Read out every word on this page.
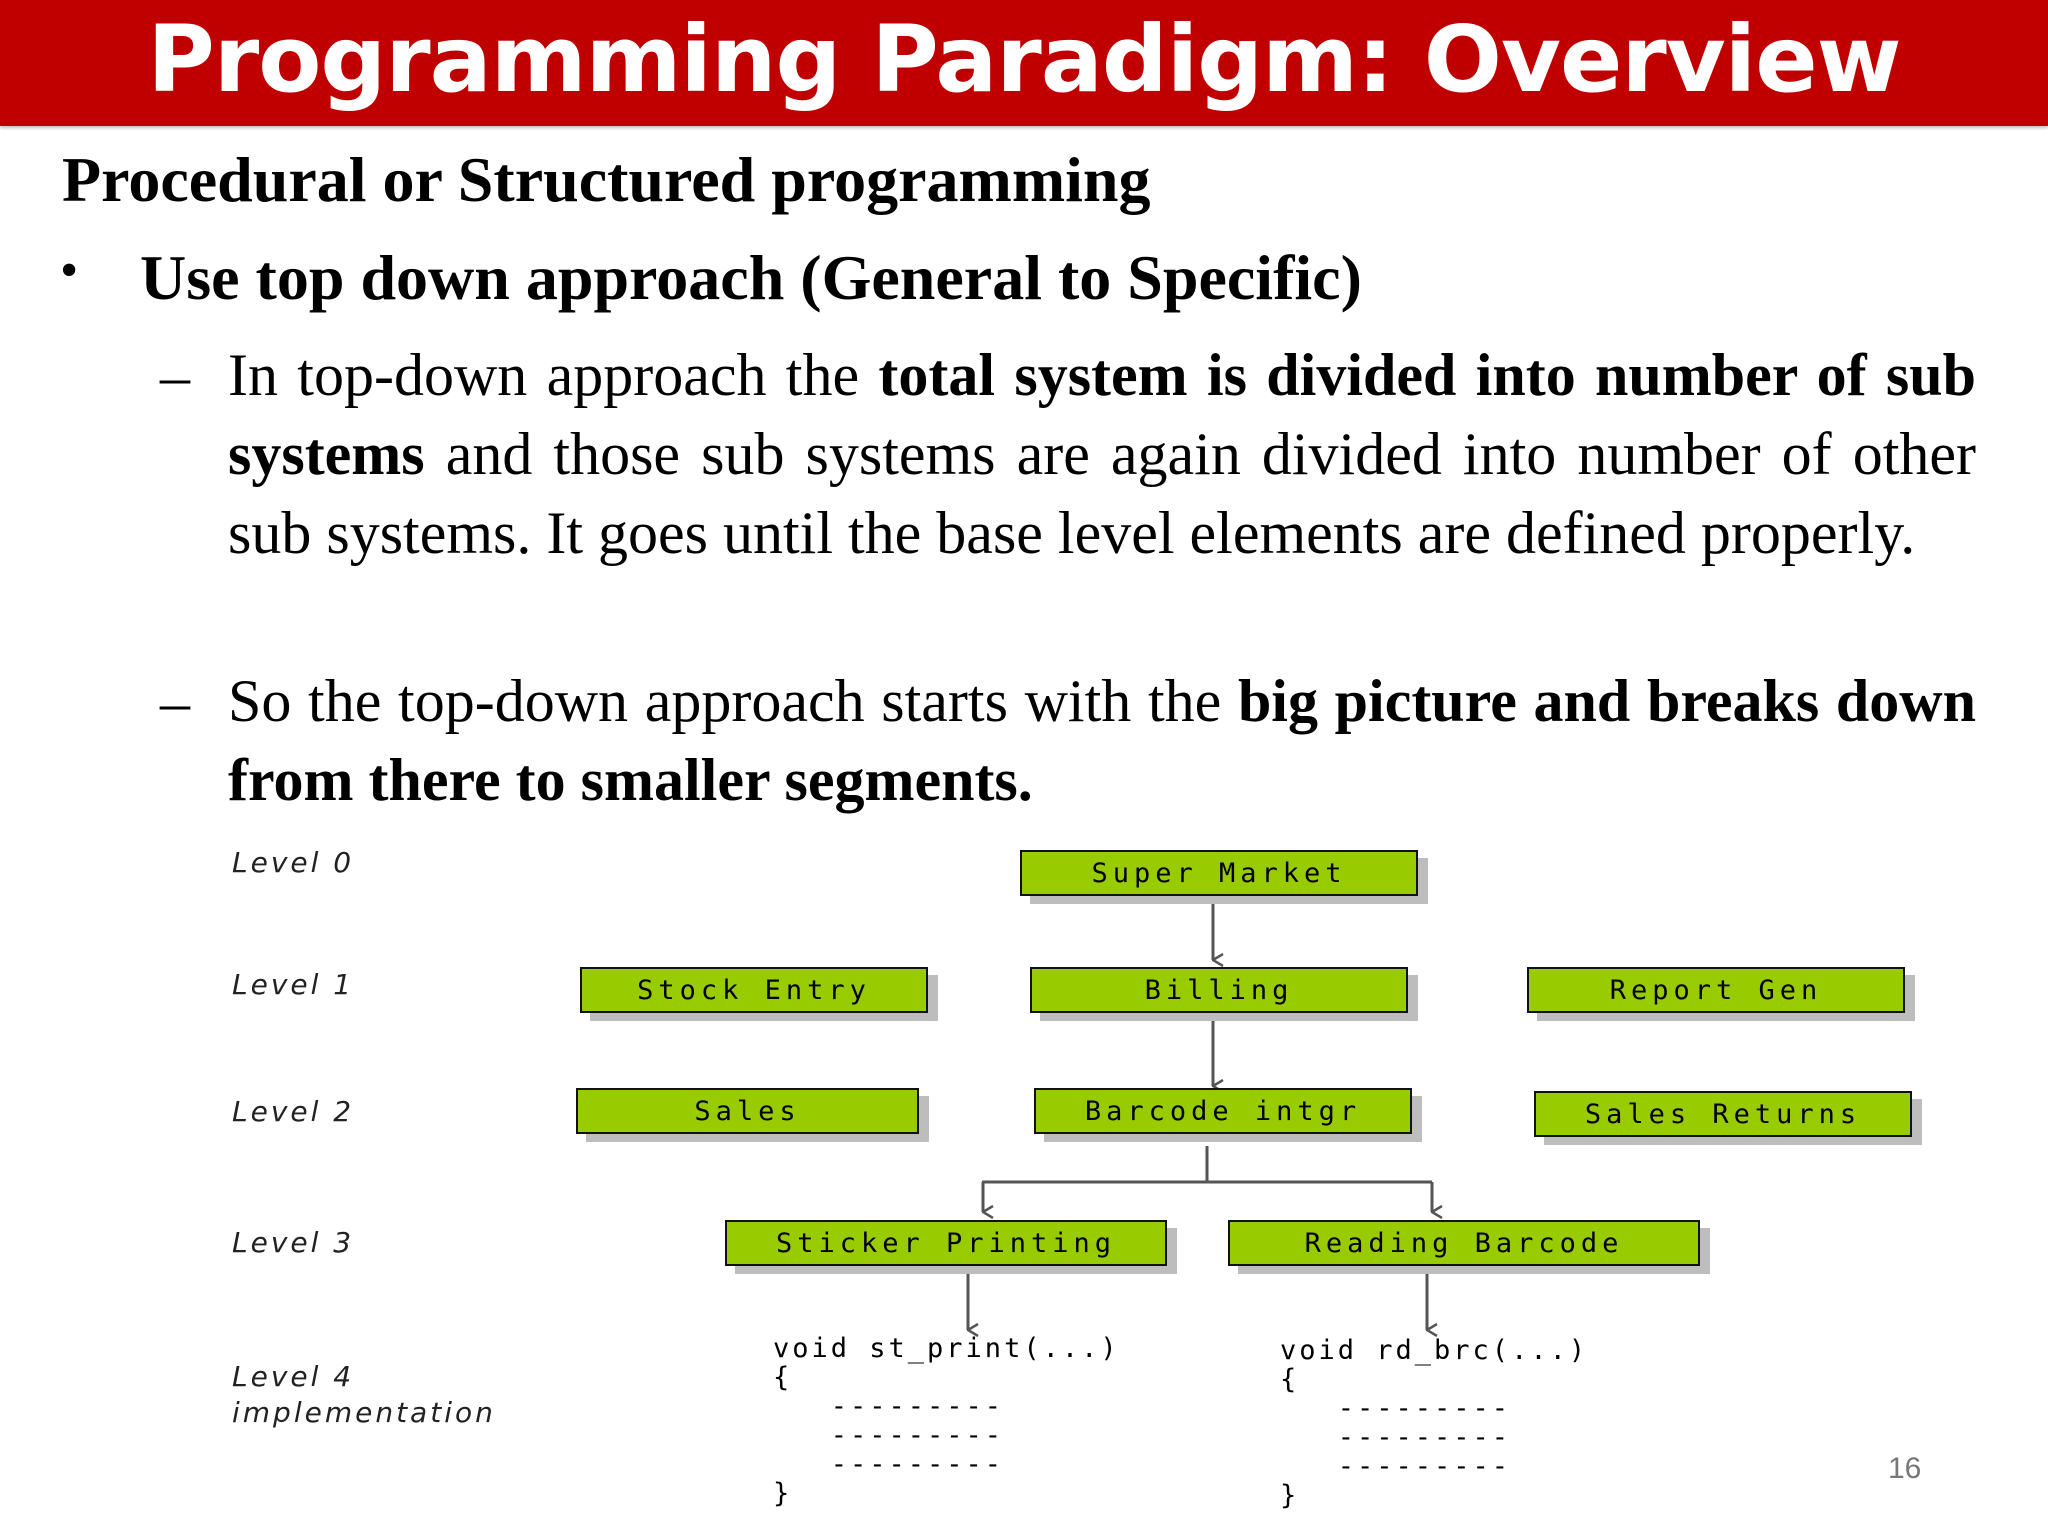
Programming Paradigm: Overview
Procedural or Structured programming
• Use top down approach (General to Specific)
– In top-down approach the total system is divided into number of sub systems and those sub systems are again divided into number of other sub systems. It goes until the base level elements are defined properly.
– So the top-down approach starts with the big picture and breaks down from there to smaller segments.
Level 0
Level 1
Level 2
Level 3
Level 4
implementation
Super Market
Stock Entry	Billing	Report Gen
Sales	Barcode intgr	Sales Returns
Sticker Printing	Reading Barcode
void st_print(...)
{
---------
---------
---------
}
void rd_brc(...)
{
---------
---------
---------
}
16
